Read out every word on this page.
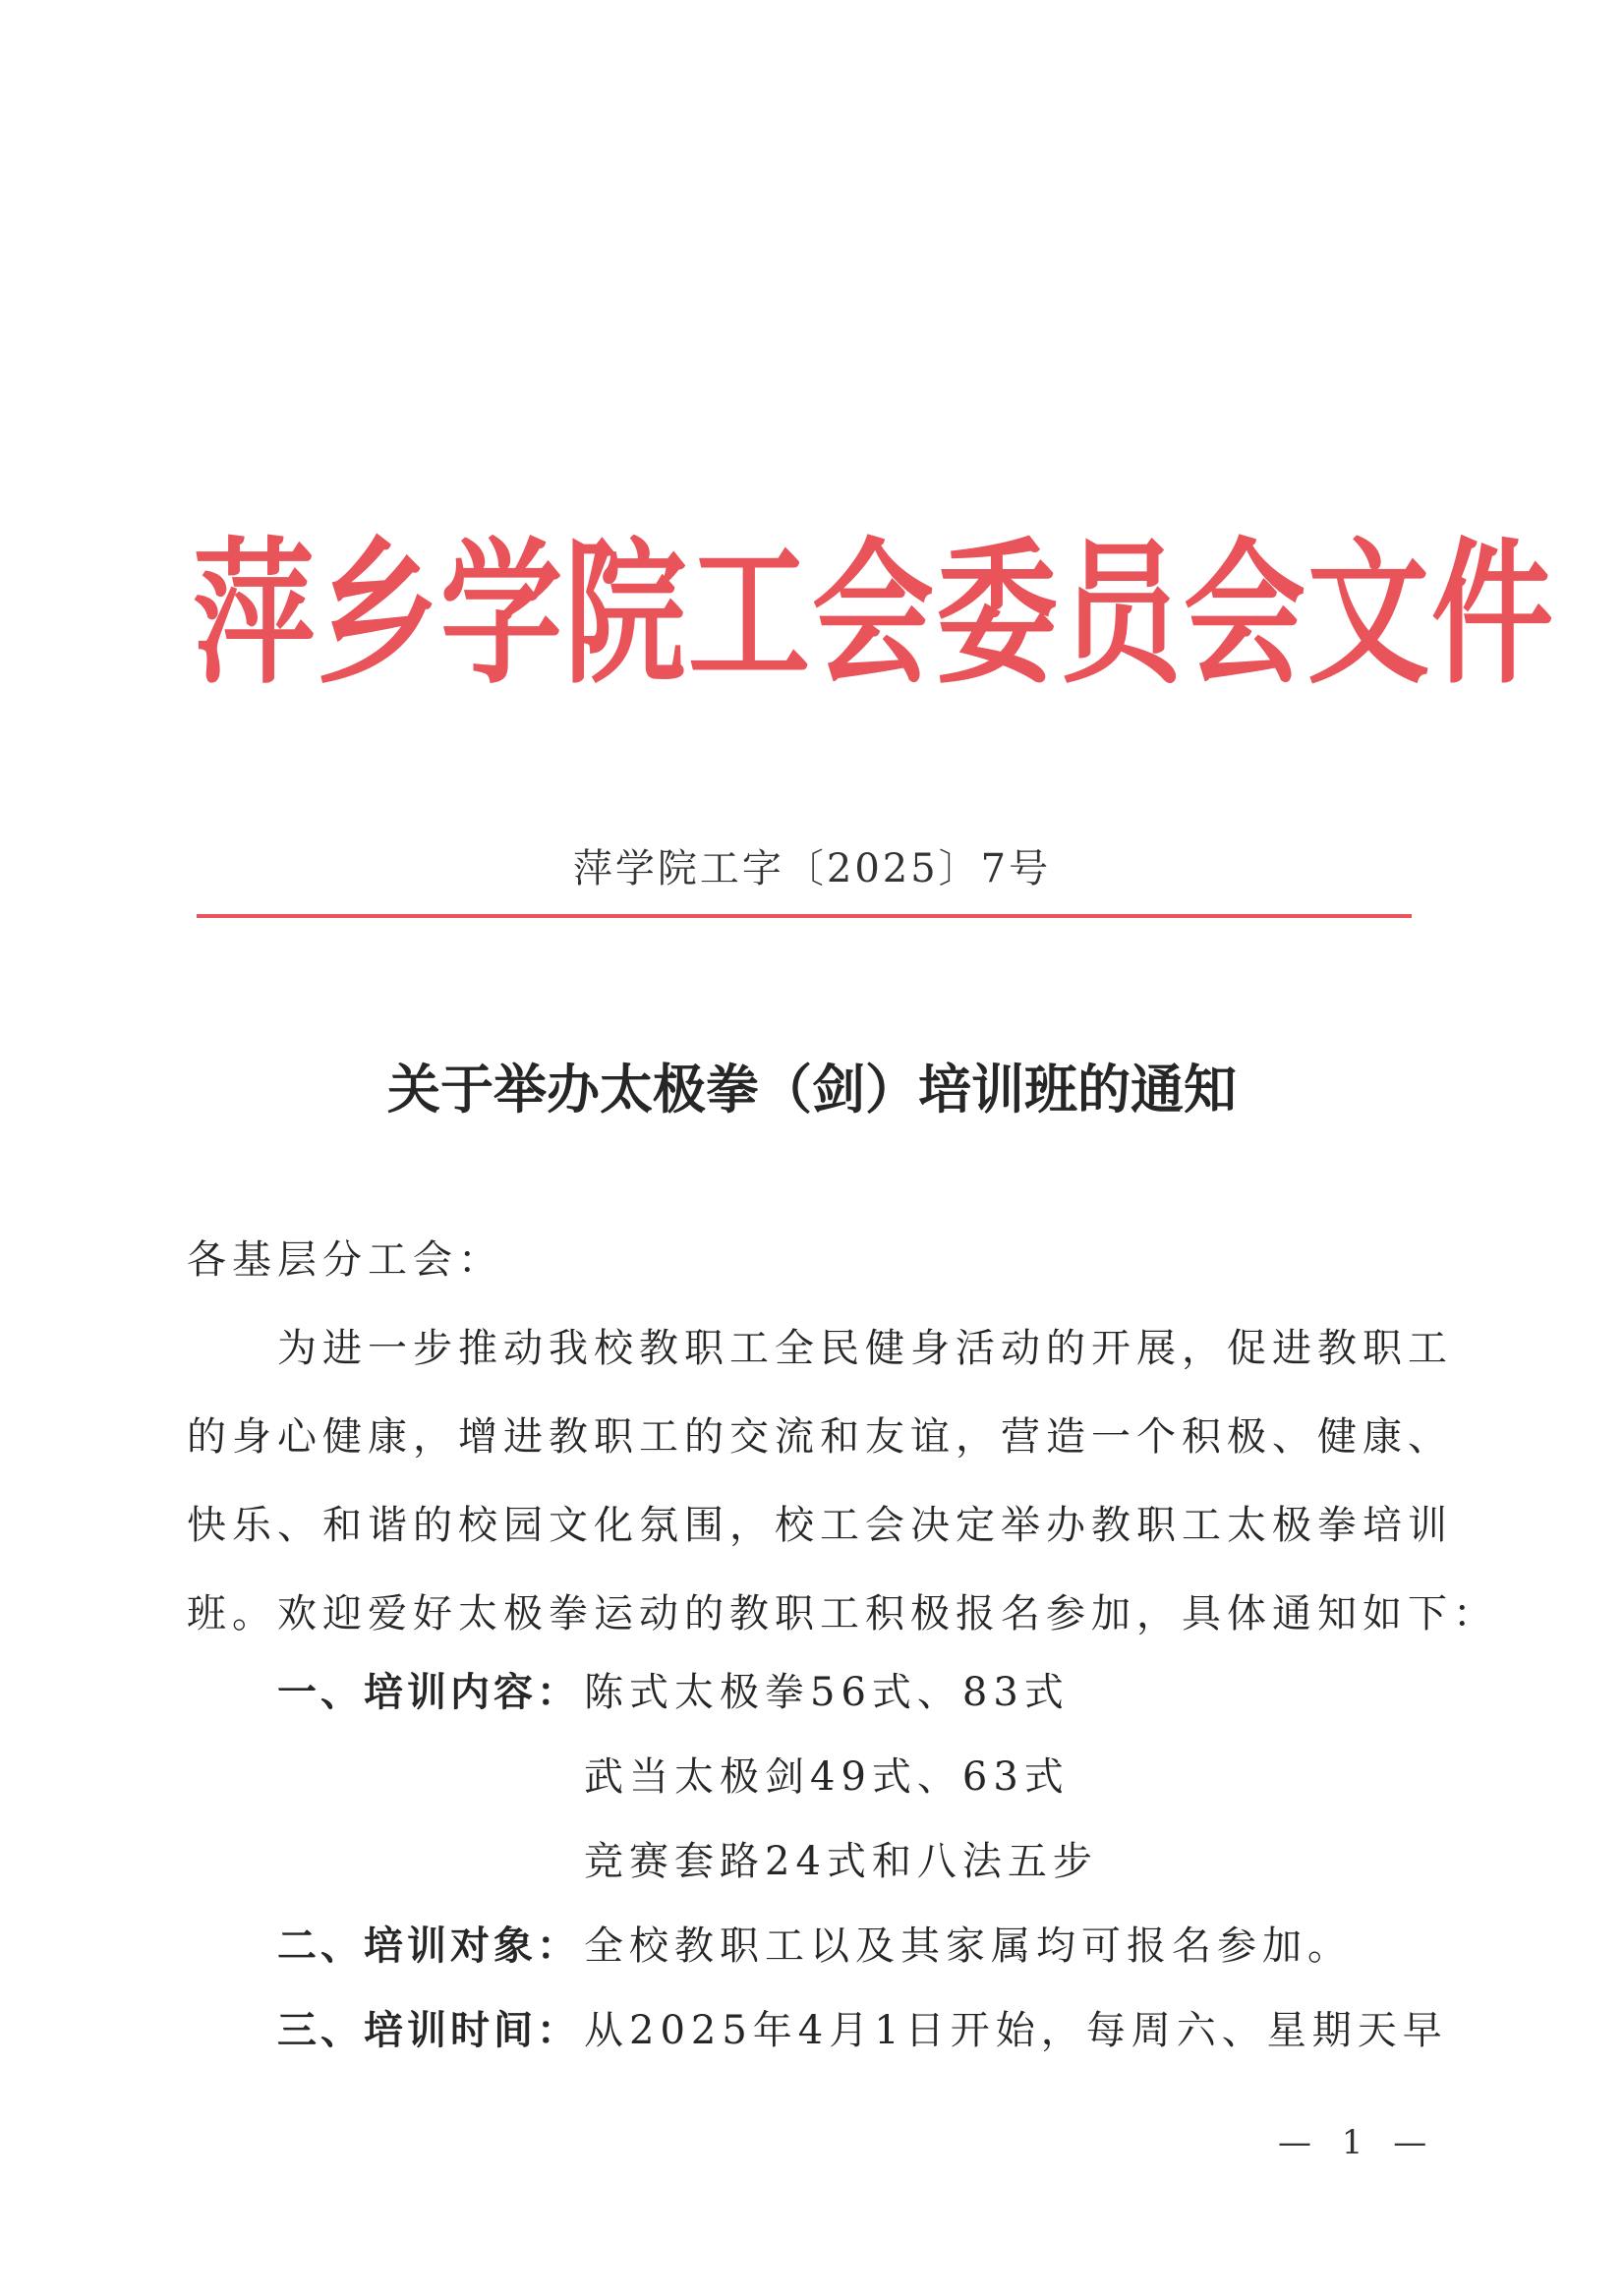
萍乡学院工会委员会文件
萍学院工字〔2025〕7号
关于举办太极拳（剑）培训班的通知
各基层分工会：
为进一步推动我校教职工全民健身活动的开展，促进教职工
的身心健康，增进教职工的交流和友谊，营造一个积极、健康、
快乐、和谐的校园文化氛围，校工会决定举办教职工太极拳培训
班。欢迎爱好太极拳运动的教职工积极报名参加，具体通知如下：
一、培训内容： 陈式太极拳56式、83式
武当太极剑49式、63式
竞赛套路24式和八法五步
二、培训对象： 全校教职工以及其家属均可报名参加。
三、培训时间： 从2025年4月1日开始，每周六、星期天早
— 1 —
